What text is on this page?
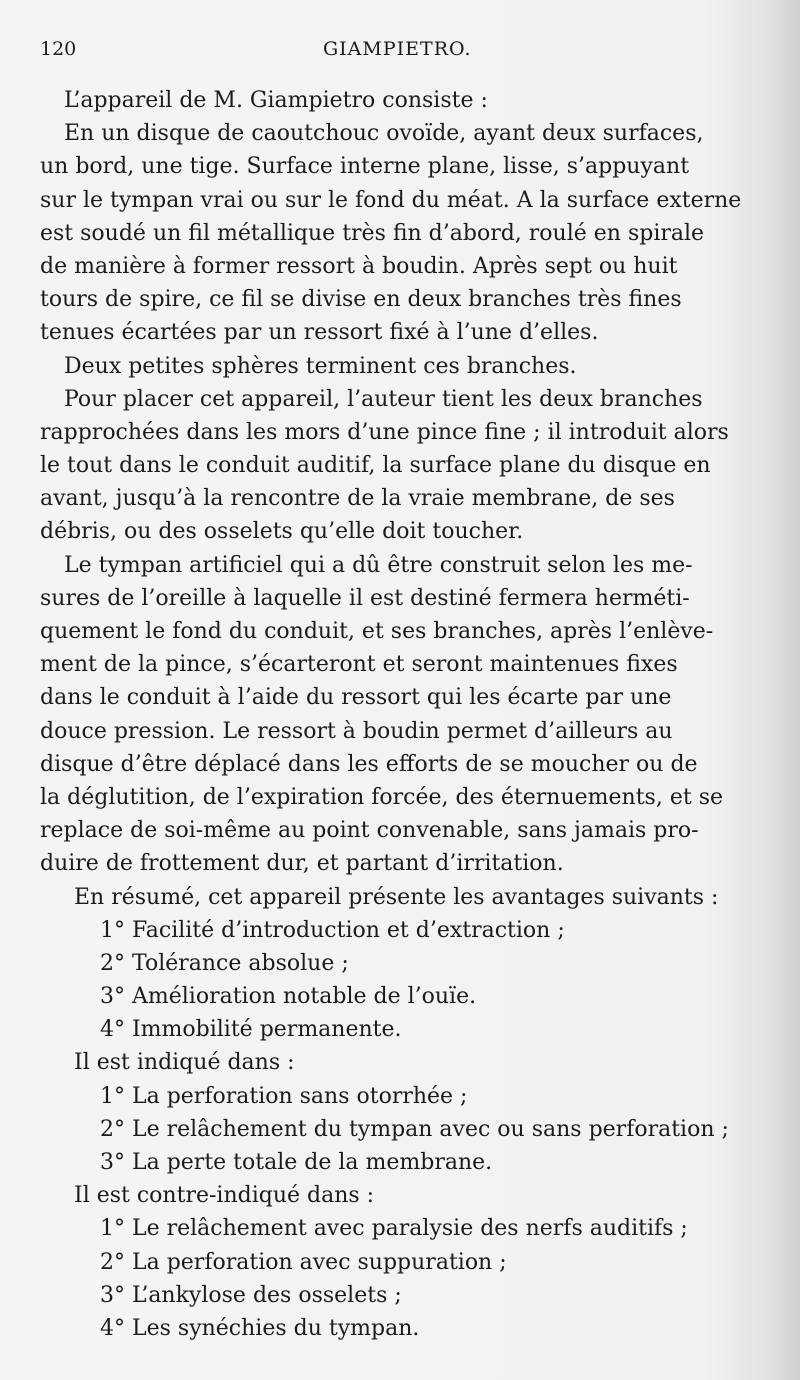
120	GIAMPIETRO.
L’appareil de M. Giampietro consiste :
En un disque de caoutchouc ovoïde, ayant deux surfaces,
un bord, une tige. Surface interne plane, lisse, s’appuyant
sur le tympan vrai ou sur le fond du méat. A la surface externe
est soudé un fil métallique très fin d’abord, roulé en spirale
de manière à former ressort à boudin. Après sept ou huit
tours de spire, ce fil se divise en deux branches très fines
tenues écartées par un ressort fixé à l’une d’elles.
Deux petites sphères terminent ces branches.
Pour placer cet appareil, l’auteur tient les deux branches
rapprochées dans les mors d’une pince fine ; il introduit alors
le tout dans le conduit auditif, la surface plane du disque en
avant, jusqu’à la rencontre de la vraie membrane, de ses
débris, ou des osselets qu’elle doit toucher.
Le tympan artificiel qui a dû être construit selon les me-
sures de l’oreille à laquelle il est destiné fermera herméti-
quement le fond du conduit, et ses branches, après l’enlève-
ment de la pince, s’écarteront et seront maintenues fixes
dans le conduit à l’aide du ressort qui les écarte par une
douce pression. Le ressort à boudin permet d’ailleurs au
disque d’être déplacé dans les efforts de se moucher ou de
la déglutition, de l’expiration forcée, des éternuements, et se
replace de soi-même au point convenable, sans jamais pro-
duire de frottement dur, et partant d’irritation.
En résumé, cet appareil présente les avantages suivants :
1° Facilité d’introduction et d’extraction ;
2° Tolérance absolue ;
3° Amélioration notable de l’ouïe.
4° Immobilité permanente.
Il est indiqué dans :
1° La perforation sans otorrhée ;
2° Le relâchement du tympan avec ou sans perforation ;
3° La perte totale de la membrane.
Il est contre-indiqué dans :
1° Le relâchement avec paralysie des nerfs auditifs ;
2° La perforation avec suppuration ;
3° L’ankylose des osselets ;
4° Les synéchies du tympan.
